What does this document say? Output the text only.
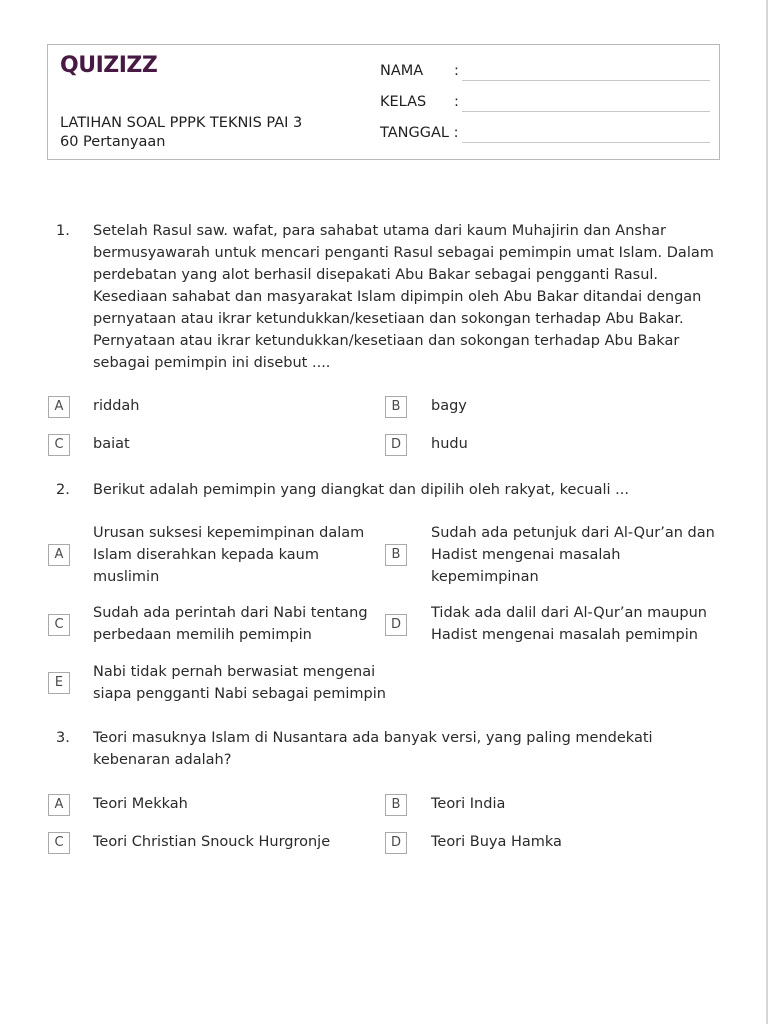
QUIZIZZ
LATIHAN SOAL PPPK TEKNIS PAI 3
60 Pertanyaan
NAMA :
KELAS :
TANGGAL :
1.	Setelah Rasul saw. wafat, para sahabat utama dari kaum Muhajirin dan Anshar bermusyawarah untuk mencari penganti Rasul sebagai pemimpin umat Islam. Dalam perdebatan yang alot berhasil disepakati Abu Bakar sebagai pengganti Rasul. Kesediaan sahabat dan masyarakat Islam dipimpin oleh Abu Bakar ditandai dengan pernyataan atau ikrar ketundukkan/kesetiaan dan sokongan terhadap Abu Bakar. Pernyataan atau ikrar ketundukkan/kesetiaan dan sokongan terhadap Abu Bakar sebagai pemimpin ini disebut ....
A	riddah	B	bagy
C	baiat	D	hudu
2.	Berikut adalah pemimpin yang diangkat dan dipilih oleh rakyat, kecuali ...
A
Urusan suksesi kepemimpinan dalam Islam diserahkan kepada kaum muslimin
B
Sudah ada petunjuk dari Al-Qur’an dan Hadist mengenai masalah kepemimpinan
C
Sudah ada perintah dari Nabi tentang perbedaan memilih pemimpin
D
Tidak ada dalil dari Al-Qur’an maupun Hadist mengenai masalah pemimpin
E
Nabi tidak pernah berwasiat mengenai siapa pengganti Nabi sebagai pemimpin
3.	Teori masuknya Islam di Nusantara ada banyak versi, yang paling mendekati kebenaran adalah?
A	Teori Mekkah	B	Teori India
C	Teori Christian Snouck Hurgronje	D	Teori Buya Hamka
